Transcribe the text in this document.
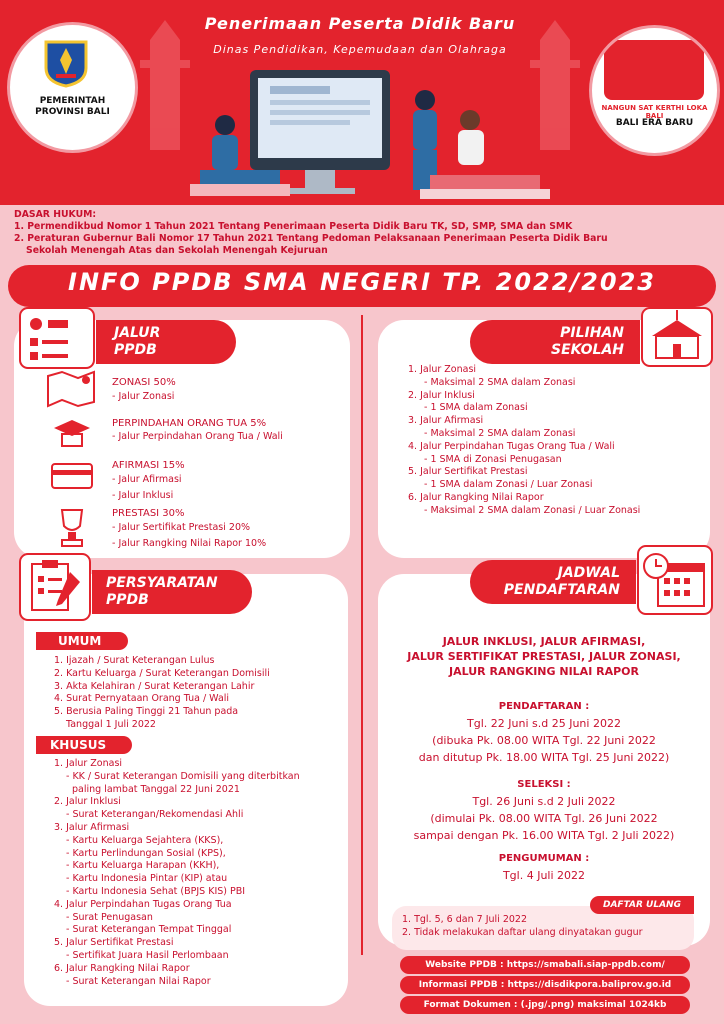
PEMERINTAH
PROVINSI BALI	NANGUN SAT KERTHI LOKA BALI
BALI ERA BARU
Penerimaan Peserta Didik Baru
Dinas Pendidikan, Kepemudaan dan Olahraga
DASAR HUKUM:
1. Permendikbud Nomor 1 Tahun 2021 Tentang Penerimaan Peserta Didik Baru TK, SD, SMP, SMA dan SMK
2. Peraturan Gubernur Bali Nomor 17 Tahun 2021 Tentang Pedoman Pelaksanaan Penerimaan Peserta Didik Baru
Sekolah Menengah Atas dan Sekolah Menengah Kejuruan
INFO PPDB SMA NEGERI TP. 2022/2023
JALUR
PPDB
ZONASI 50%
- Jalur Zonasi
PERPINDAHAN ORANG TUA 5%
- Jalur Perpindahan Orang Tua / Wali
AFIRMASI 15%
- Jalur Afirmasi
- Jalur Inklusi
PRESTASI 30%
- Jalur Sertifikat Prestasi 20%
- Jalur Rangking Nilai Rapor 10%
PILIHAN
SEKOLAH
1. Jalur Zonasi
- Maksimal 2 SMA dalam Zonasi
2. Jalur Inklusi
- 1 SMA dalam Zonasi
3. Jalur Afirmasi
- Maksimal 2 SMA dalam Zonasi
4. Jalur Perpindahan Tugas Orang Tua / Wali
- 1 SMA di Zonasi Penugasan
5. Jalur Sertifikat Prestasi
- 1 SMA dalam Zonasi / Luar Zonasi
6. Jalur Rangking Nilai Rapor
- Maksimal 2 SMA dalam Zonasi / Luar Zonasi
PERSYARATAN
PPDB
UMUM
1. Ijazah / Surat Keterangan Lulus
2. Kartu Keluarga / Surat Keterangan Domisili
3. Akta Kelahiran / Surat Keterangan Lahir
4. Surat Pernyataan Orang Tua / Wali
5. Berusia Paling Tinggi 21 Tahun pada
Tanggal 1 Juli 2022
KHUSUS
1. Jalur Zonasi
- KK / Surat Keterangan Domisili yang diterbitkan
paling lambat Tanggal 22 Juni 2021
2. Jalur Inklusi
- Surat Keterangan/Rekomendasi Ahli
3. Jalur Afirmasi
- Kartu Keluarga Sejahtera (KKS),
- Kartu Perlindungan Sosial (KPS),
- Kartu Keluarga Harapan (KKH),
- Kartu Indonesia Pintar (KIP) atau
- Kartu Indonesia Sehat (BPJS KIS) PBI
4. Jalur Perpindahan Tugas Orang Tua
- Surat Penugasan
- Surat Keterangan Tempat Tinggal
5. Jalur Sertifikat Prestasi
- Sertifikat Juara Hasil Perlombaan
6. Jalur Rangking Nilai Rapor
- Surat Keterangan Nilai Rapor
JADWAL
PENDAFTARAN
JALUR INKLUSI, JALUR AFIRMASI,
JALUR SERTIFIKAT PRESTASI, JALUR ZONASI,
JALUR RANGKING NILAI RAPOR
PENDAFTARAN :
Tgl. 22 Juni s.d 25 Juni 2022
(dibuka Pk. 08.00 WITA Tgl. 22 Juni 2022
dan ditutup Pk. 18.00 WITA Tgl. 25 Juni 2022)
SELEKSI :
Tgl. 26 Juni s.d 2 Juli 2022
(dimulai Pk. 08.00 WITA Tgl. 26 Juni 2022
sampai dengan Pk. 16.00 WITA Tgl. 2 Juli 2022)
PENGUMUMAN :
Tgl. 4 Juli 2022
DAFTAR ULANG
1. Tgl. 5, 6 dan 7 Juli 2022
2. Tidak melakukan daftar ulang dinyatakan gugur
Website PPDB : https://smabali.siap-ppdb.com/
Informasi PPDB : https://disdikpora.baliprov.go.id
Format Dokumen : (.jpg/.png) maksimal 1024kb
